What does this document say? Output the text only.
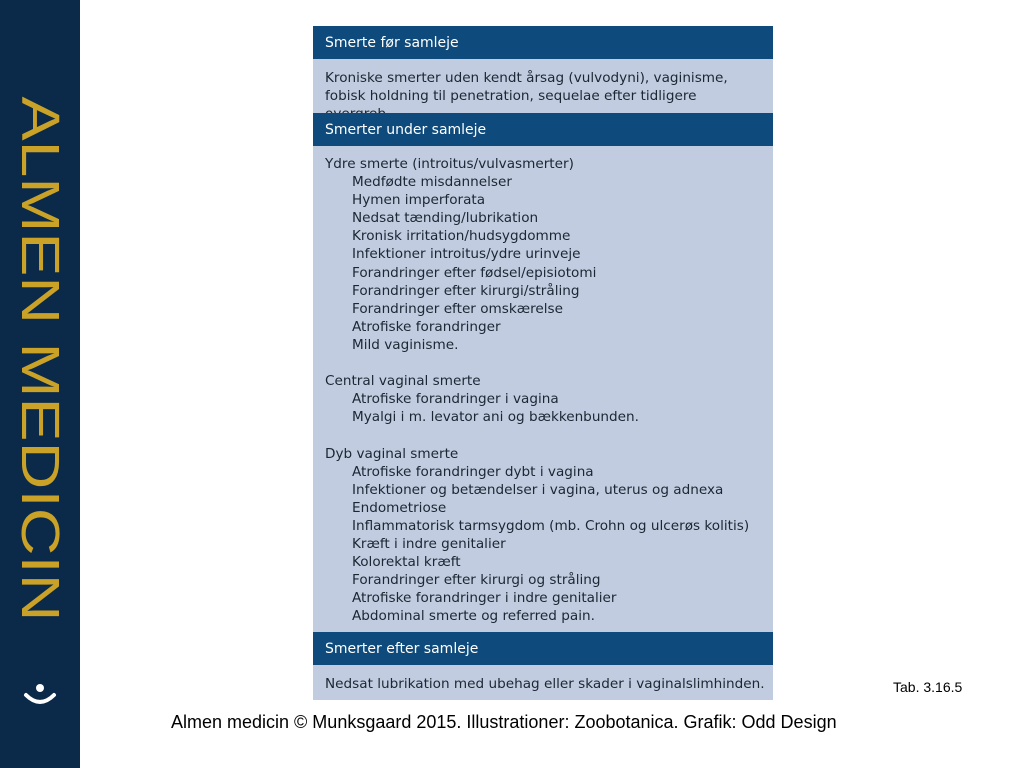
ALMEN MEDICIN
Smerte før samleje
Kroniske smerter uden kendt årsag (vulvodyni), vaginisme, fobisk holdning til penetration, sequelae efter tidligere
Smerter under samleje
Ydre smerte (introitus/vulvasmerter)
Medfødte misdannelser
Hymen imperforata
Nedsat tænding/lubrikation
Kronisk irritation/hudsygdomme
Infektioner introitus/ydre urinveje
Forandringer efter fødsel/episiotomi
Forandringer efter kirurgi/stråling
Forandringer efter omskærelse
Atrofiske forandringer
Mild vaginisme.
Central vaginal smerte
Atrofiske forandringer i vagina
Myalgi i m. levator ani og bækkenbunden.
Dyb vaginal smerte
Atrofiske forandringer dybt i vagina
Infektioner og betændelser i vagina, uterus og adnexa
Endometriose
Inflammatorisk tarmsygdom (mb. Crohn og ulcerøs kolitis)
Kræft i indre genitalier
Kolorektal kræft
Forandringer efter kirurgi og stråling
Atrofiske forandringer i indre genitalier
Abdominal smerte og referred pain.
Smerter efter samleje
Nedsat lubrikation med ubehag eller skader i vaginalslimhinden.	Tab. 3.16.5
Almen medicin © Munksgaard 2015. Illustrationer: Zoobotanica. Grafik: Odd Design
